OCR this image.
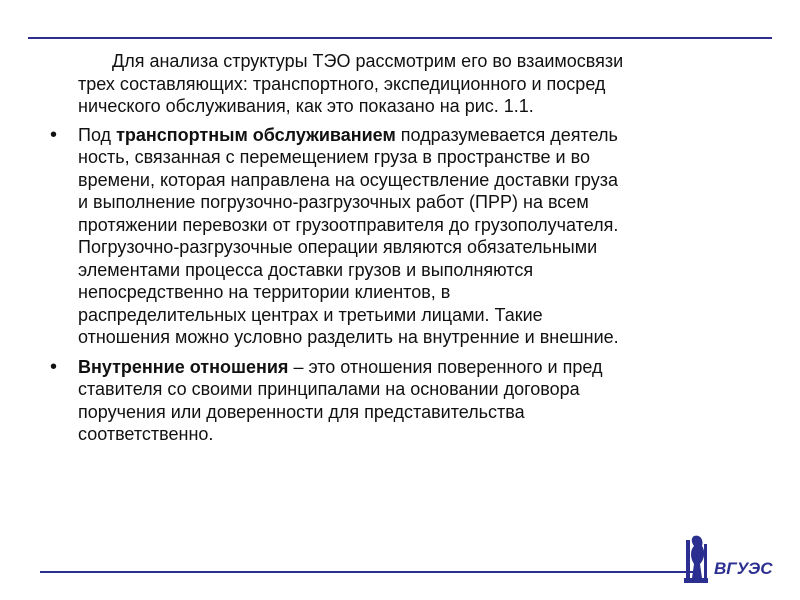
Для анализа структуры ТЭО рассмотрим его во взаимосвязи
трех составляющих: транспортного, экспедиционного и посред
нического обслуживания, как это показано на рис. 1.1.

• Под транспортным обслуживанием подразумевается деятель
ность, связанная с перемещением груза в пространстве и во
времени, которая направлена на осуществление доставки груза
и выполнение погрузочно-разгрузочных работ (ПРР) на всем
протяжении перевозки от грузоотправителя до грузополучателя.
Погрузочно-разгрузочные операции являются обязательными
элементами процесса доставки грузов и выполняются
непосредственно на территории клиентов, в
распределительных центрах и третьими лицами. Такие
отношения можно условно разделить на внутренние и внешние.
• Внутренние отношения – это отношения поверенного и пред
ставителя со своими принципалами на основании договора
поручения или доверенности для представительства
соответственно.
ВГУЭС
